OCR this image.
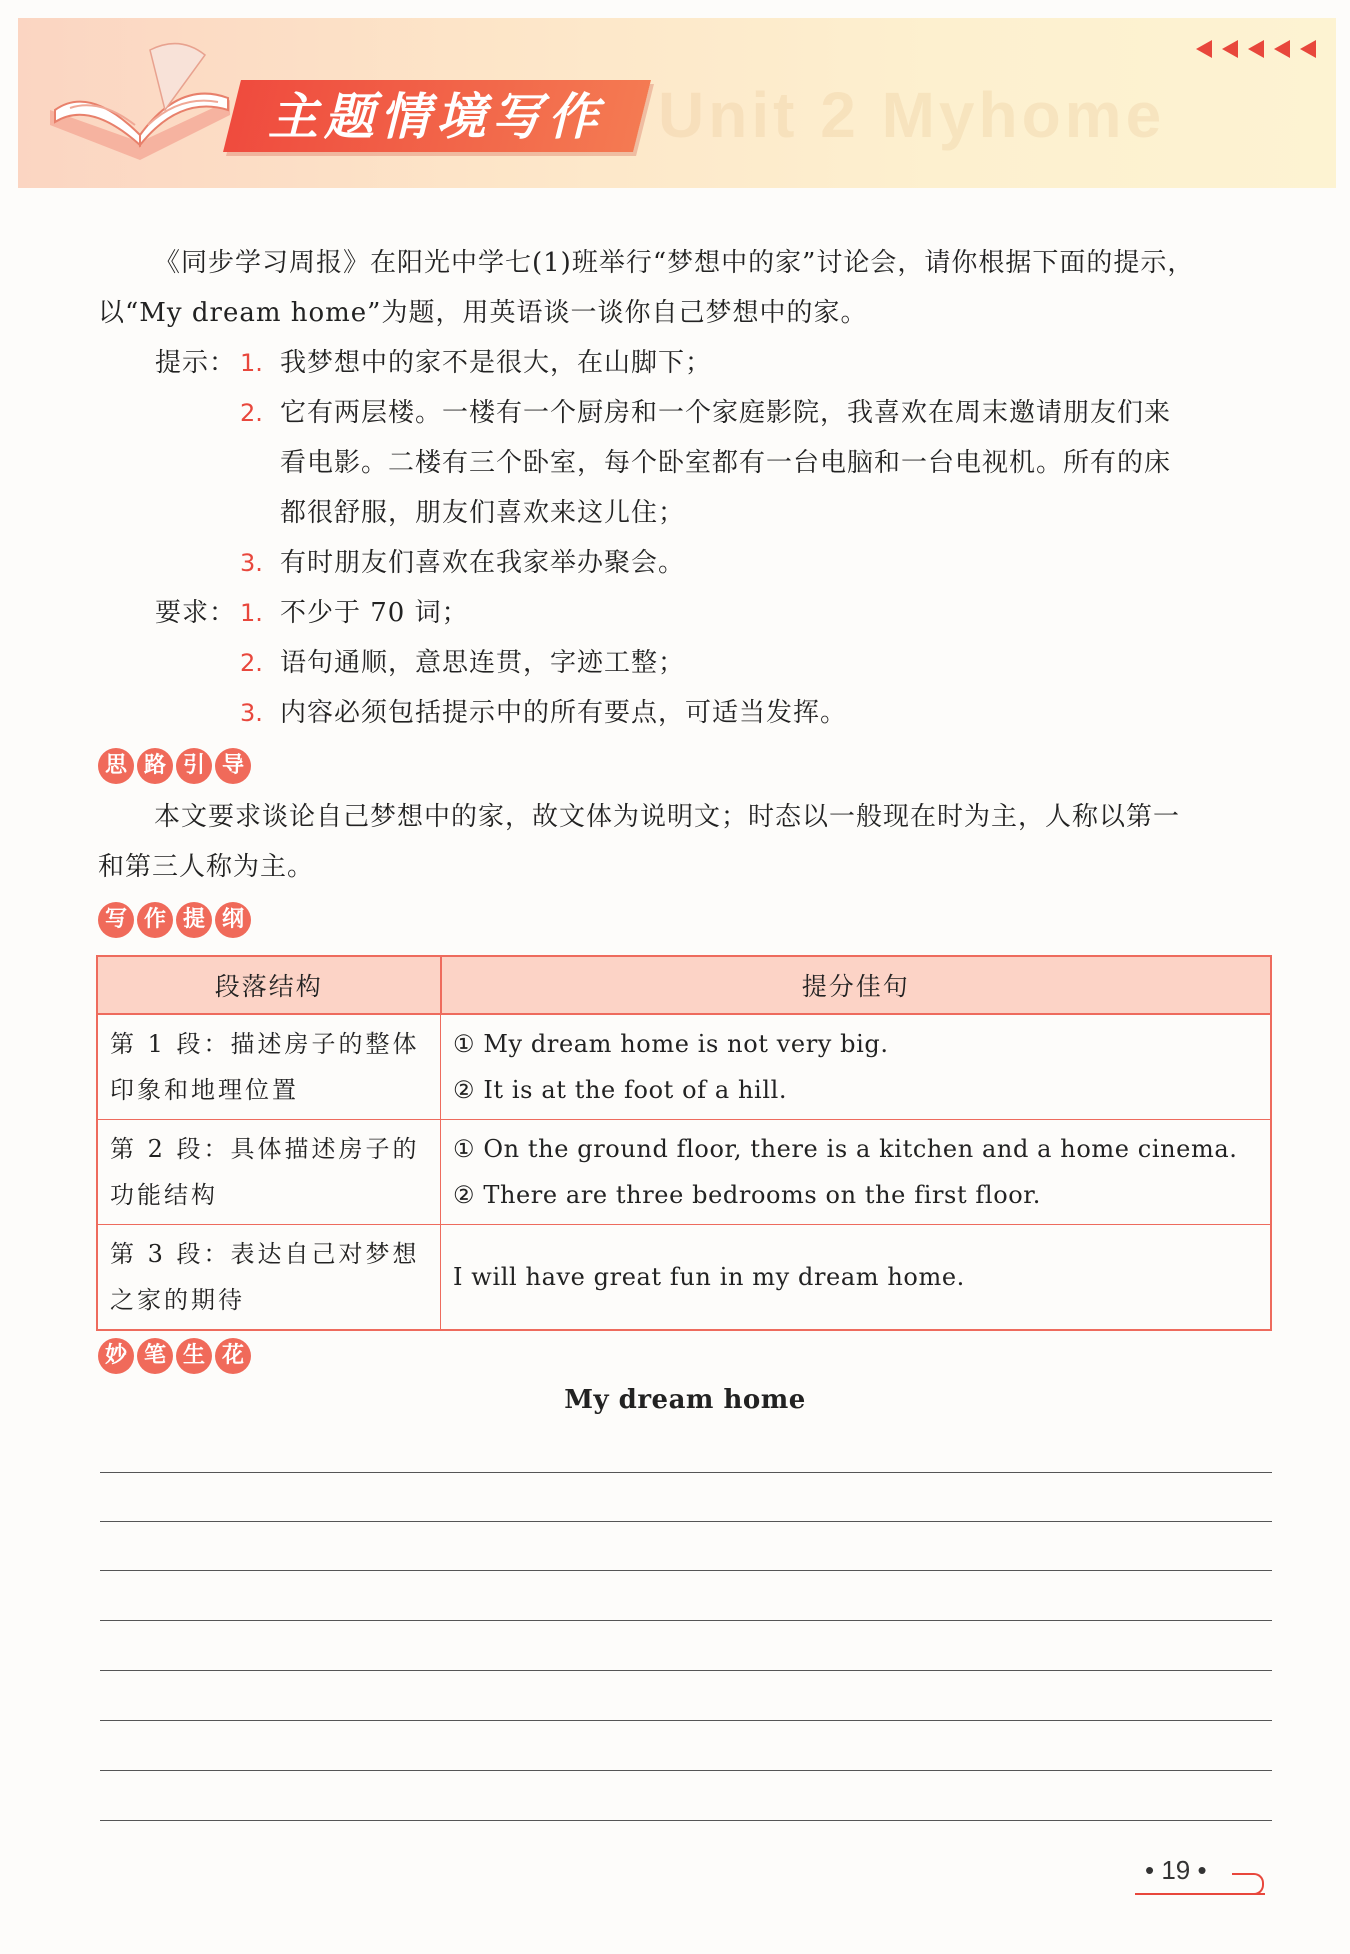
Unit 2 Myhome
主题情境写作

《同步学习周报》在阳光中学七(1)班举行“梦想中的家”讨论会，请你根据下面的提示，

以“My dream home”为题，用英语谈一谈你自己梦想中的家。

提示： 1. 我梦想中的家不是很大，在山脚下；
2. 它有两层楼。一楼有一个厨房和一个家庭影院，我喜欢在周末邀请朋友们来
看电影。二楼有三个卧室，每个卧室都有一台电脑和一台电视机。所有的床
都很舒服，朋友们喜欢来这儿住；
3. 有时朋友们喜欢在我家举办聚会。
要求： 1. 不少于 70 词；
2. 语句通顺，意思连贯，字迹工整；
3. 内容必须包括提示中的所有要点，可适当发挥。
思 路 引 导

本文要求谈论自己梦想中的家，故文体为说明文；时态以一般现在时为主，人称以第一

和第三人称为主。

写 作 提 纲
段落结构	提分佳句
第 1 段：描述房子的整体印象和地理位置	① My dream home is not very big.
② It is at the foot of a hill.

第 2 段：具体描述房子的功能结构	① On the ground floor, there is a kitchen and a home cinema.
② There are three bedrooms on the first floor.

第 3 段：表达自己对梦想之家的期待	I will have great fun in my dream home.
妙 笔 生 花
My dream home
• 19 •
